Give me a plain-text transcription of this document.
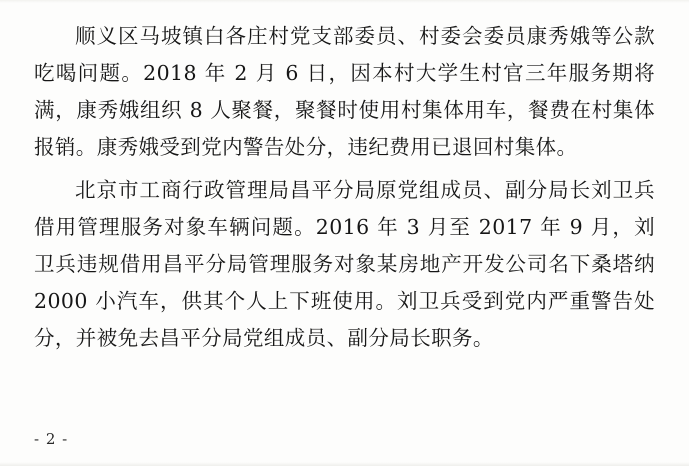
顺义区马坡镇白各庄村党支部委员、村委会委员康秀娥等公款吃喝问题。2018 年 2 月 6 日，因本村大学生村官三年服务期将满，康秀娥组织 8 人聚餐，聚餐时使用村集体用车，餐费在村集体报销。康秀娥受到党内警告处分，违纪费用已退回村集体。

北京市工商行政管理局昌平分局原党组成员、副分局长刘卫兵借用管理服务对象车辆问题。2016 年 3 月至 2017 年 9 月，刘卫兵违规借用昌平分局管理服务对象某房地产开发公司名下桑塔纳 2000 小汽车，供其个人上下班使用。刘卫兵受到党内严重警告处分，并被免去昌平分局党组成员、副分局长职务。

- 2 -
